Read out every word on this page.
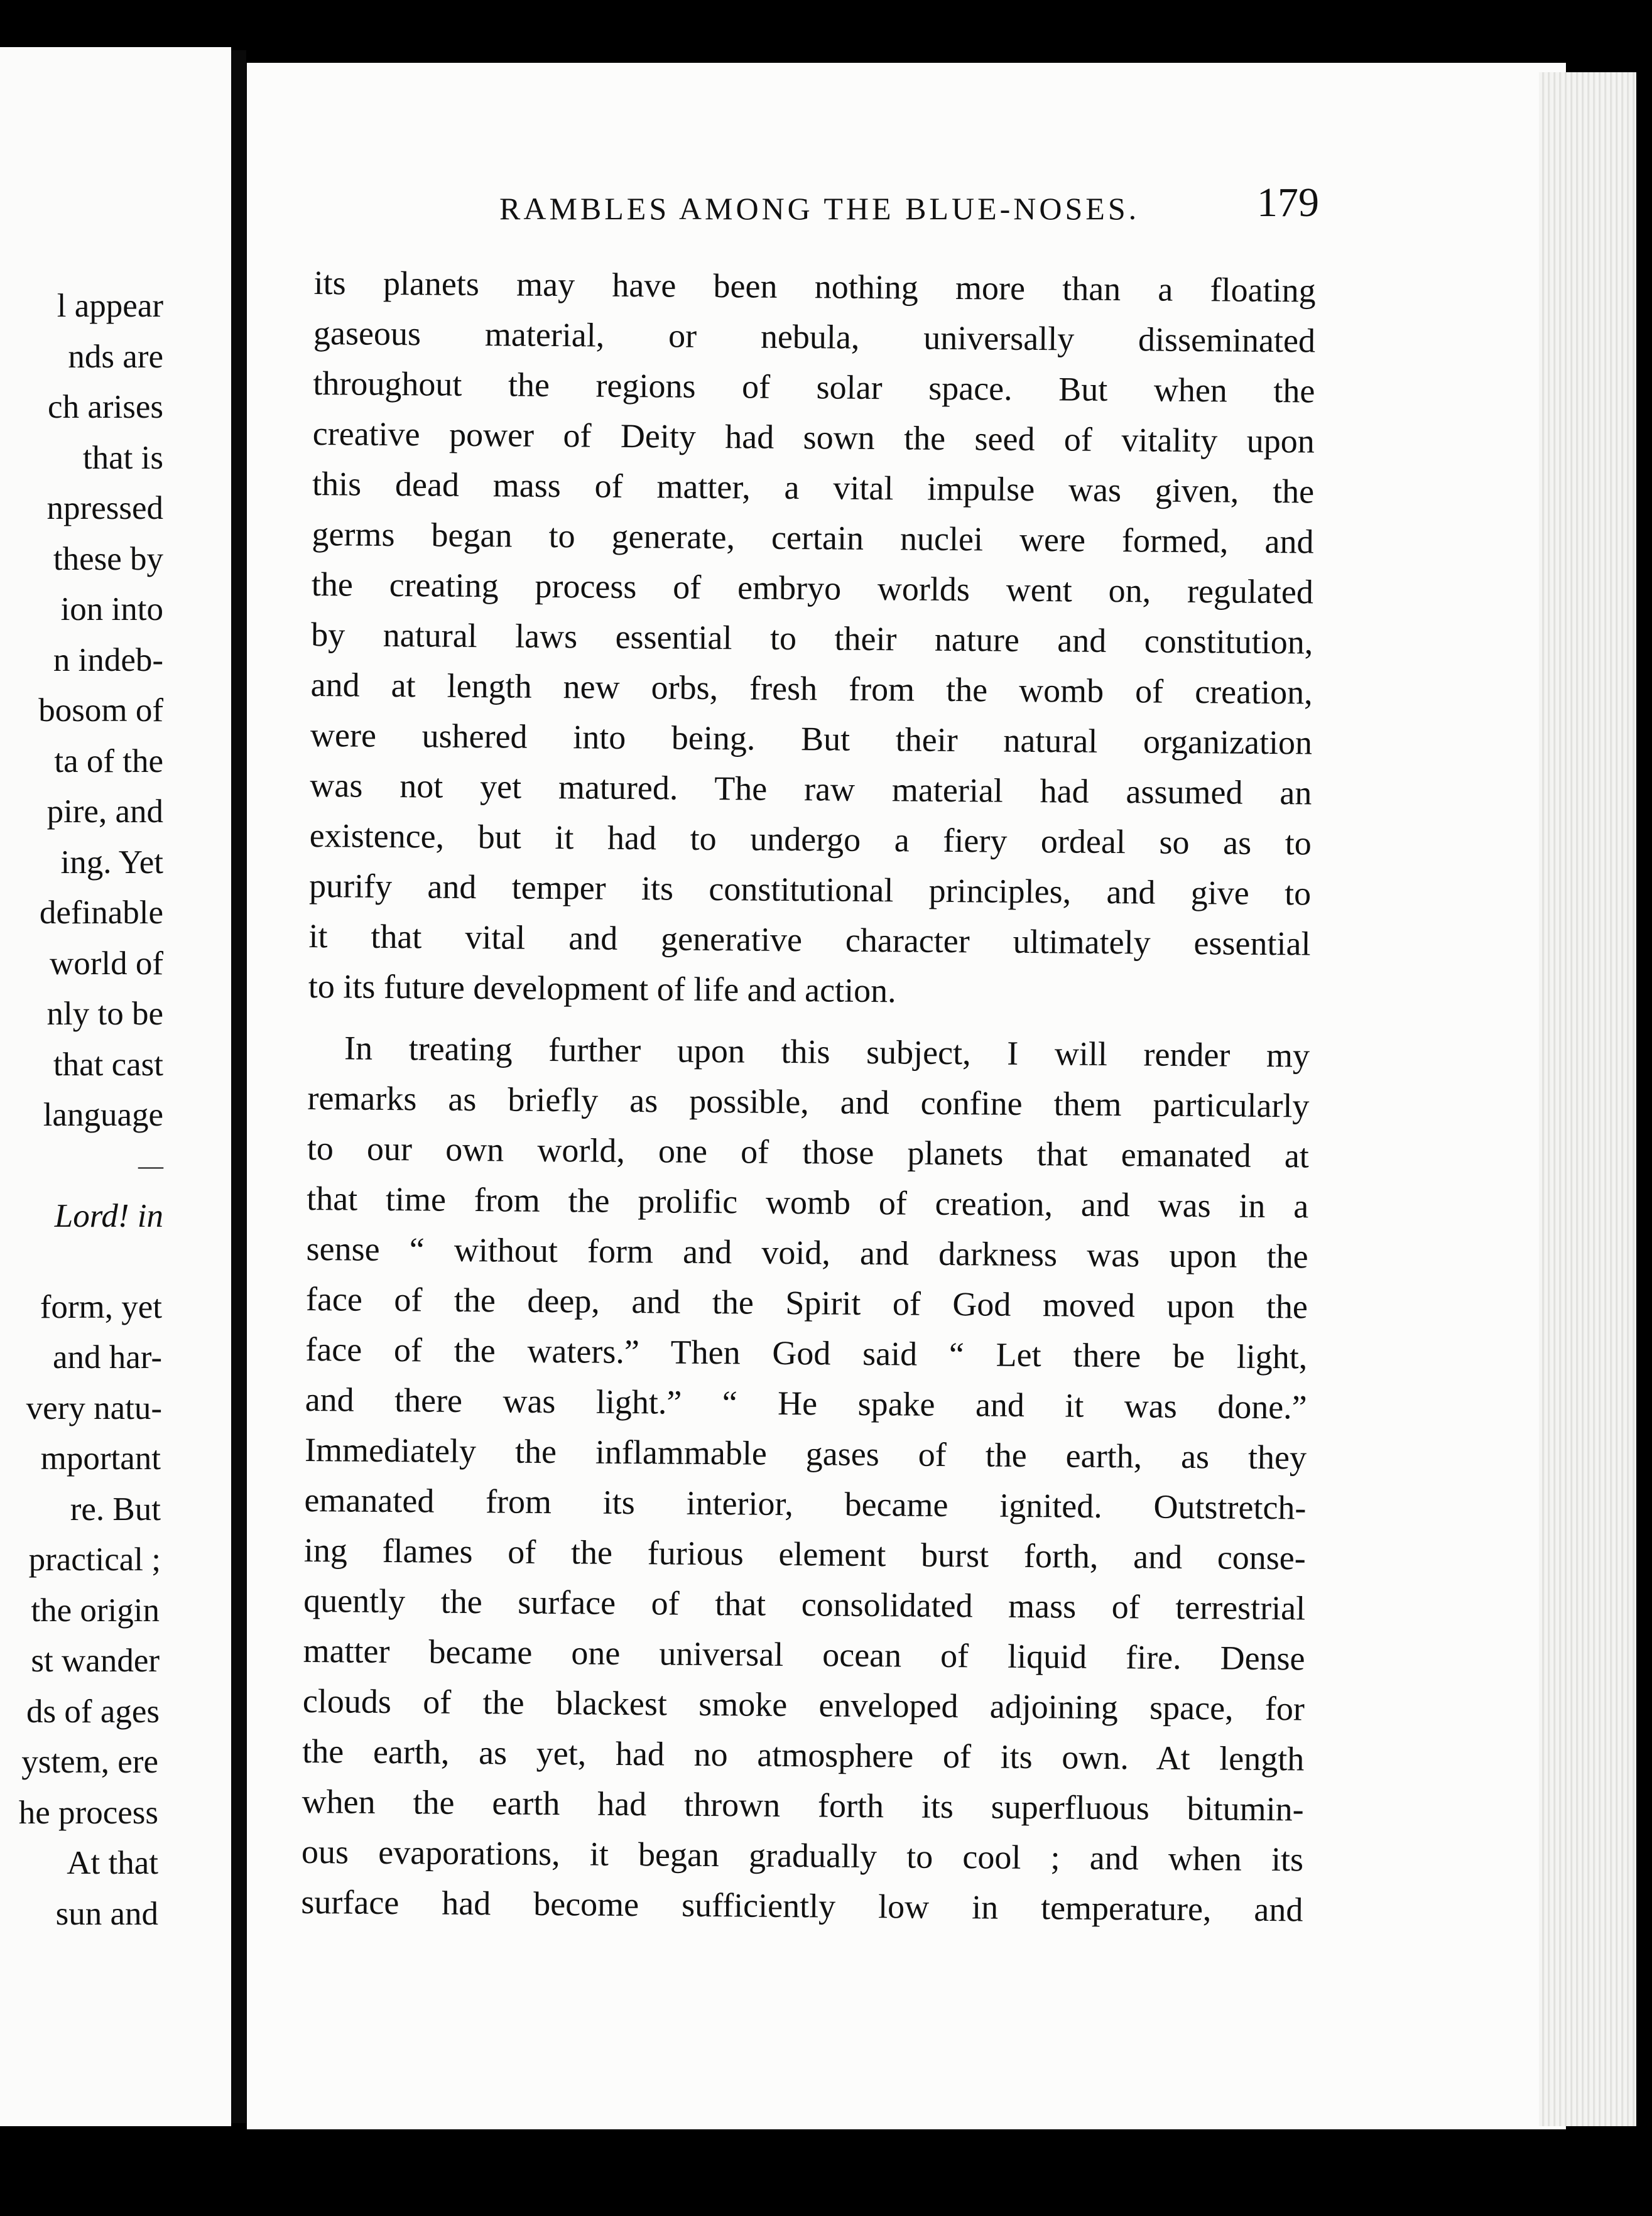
l appear
nds are
ch arises
that is
npressed
these by
ion into
n indeb-
bosom of
ta of the
pire, and
ing. Yet
definable
world of
nly to be
that cast
language
—
Lord! in
form, yet
and har-
very natu-
mportant
re. But
practical ;
the origin
st wander
ds of ages
ystem, ere
he process
At that
sun and
RAMBLES AMONG THE BLUE-NOSES.	179
its planets may have been nothing more than a floating
gaseous material, or nebula, universally disseminated
throughout the regions of solar space. But when the
creative power of Deity had sown the seed of vitality upon
this dead mass of matter, a vital impulse was given, the
germs began to generate, certain nuclei were formed, and
the creating process of embryo worlds went on, regulated
by natural laws essential to their nature and constitution,
and at length new orbs, fresh from the womb of creation,
were ushered into being. But their natural organization
was not yet matured. The raw material had assumed an
existence, but it had to undergo a fiery ordeal so as to
purify and temper its constitutional principles, and give to
it that vital and generative character ultimately essential
to its future development of life and action.
In treating further upon this subject, I will render my
remarks as briefly as possible, and confine them particularly
to our own world, one of those planets that emanated at
that time from the prolific womb of creation, and was in a
sense “ without form and void, and darkness was upon the
face of the deep, and the Spirit of God moved upon the
face of the waters.” Then God said “ Let there be light,
and there was light.” “ He spake and it was done.”
Immediately the inflammable gases of the earth, as they
emanated from its interior, became ignited. Outstretch-
ing flames of the furious element burst forth, and conse-
quently the surface of that consolidated mass of terrestrial
matter became one universal ocean of liquid fire. Dense
clouds of the blackest smoke enveloped adjoining space, for
the earth, as yet, had no atmosphere of its own. At length
when the earth had thrown forth its superfluous bitumin-
ous evaporations, it began gradually to cool ; and when its
surface had become sufficiently low in temperature, and
